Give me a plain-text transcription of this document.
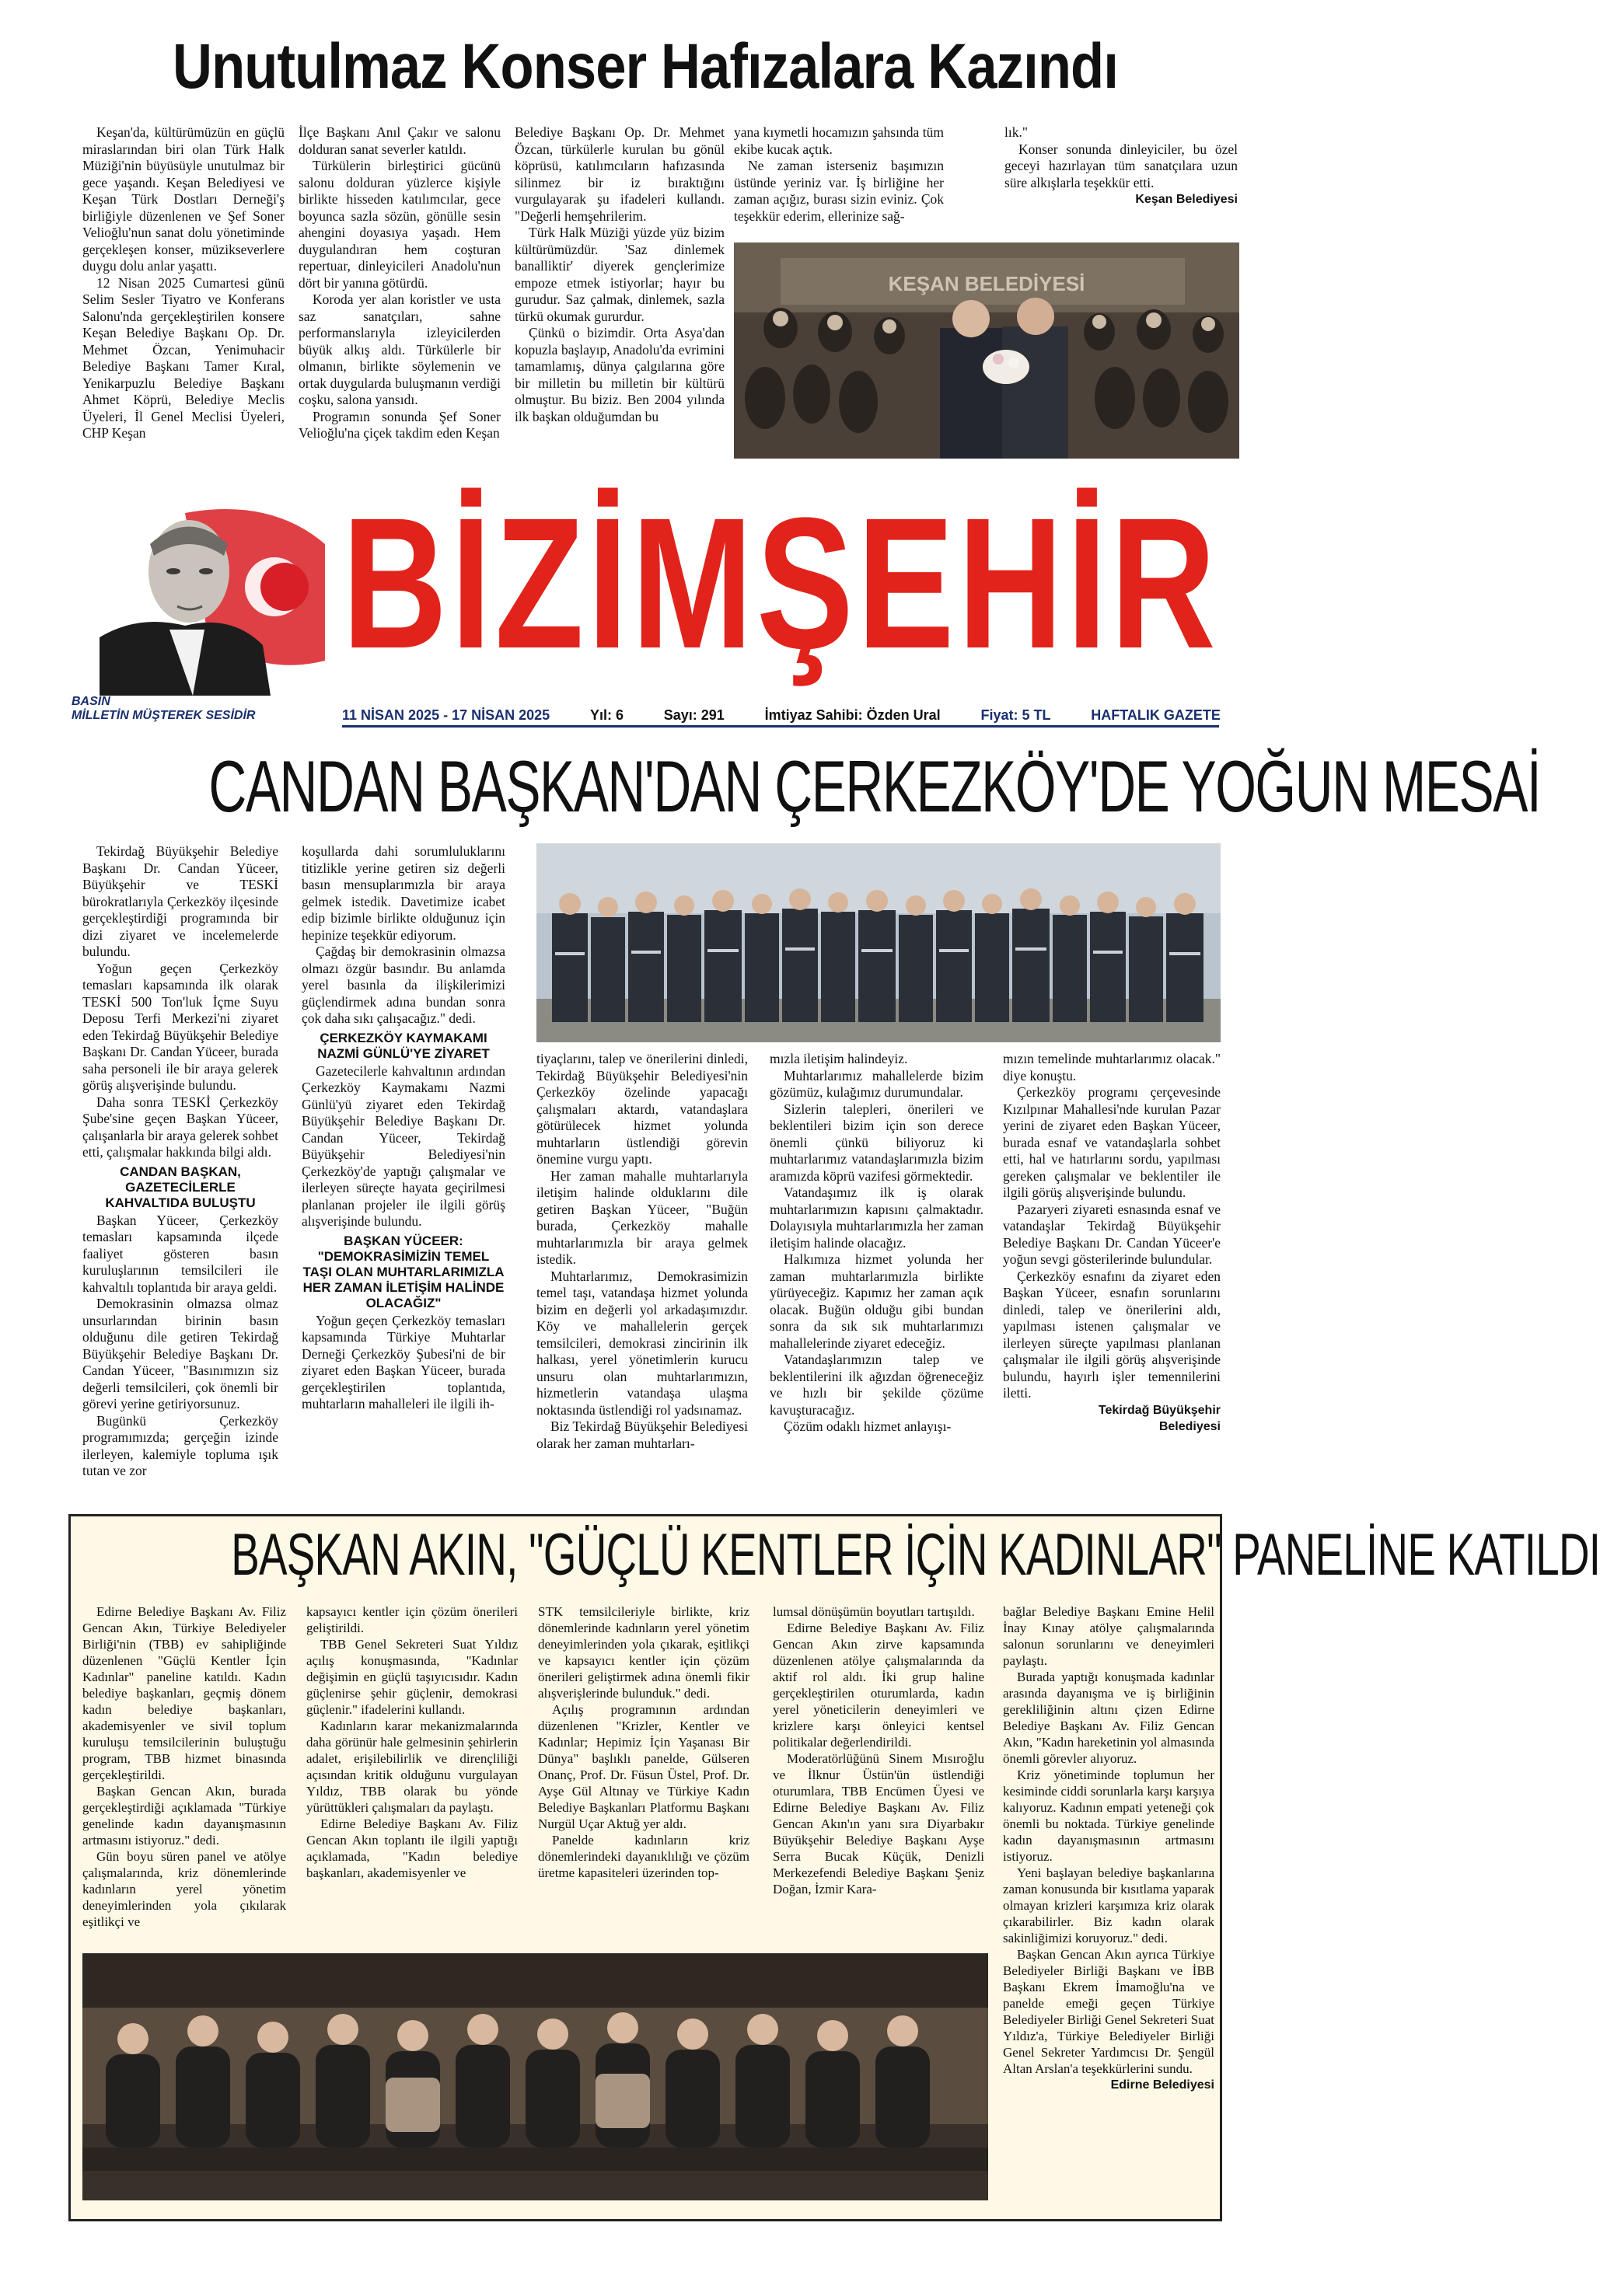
Unutulmaz Konser Hafızalara Kazındı

Keşan'da, kültürümüzün en güçlü miraslarından biri olan Türk Halk Müziği'nin büyüsüyle unutulmaz bir gece yaşandı. Keşan Belediyesi ve Keşan Türk Dostları Derneği'ş birliğiyle düzenlenen ve Şef Soner Velioğlu'nun sanat dolu yönetiminde gerçekleşen konser, müzikseverlere duygu dolu anlar yaşattı.

12 Nisan 2025 Cumartesi günü Selim Sesler Tiyatro ve Konferans Salonu'nda gerçekleştirilen konsere Keşan Belediye Başkanı Op. Dr. Mehmet Özcan, Yenimuhacir Belediye Başkanı Tamer Kıral, Yenikarpuzlu Belediye Başkanı Ahmet Köprü, Belediye Meclis Üyeleri, İl Genel Meclisi Üyeleri, CHP Keşan

İlçe Başkanı Anıl Çakır ve salonu dolduran sanat severler katıldı.

Türkülerin birleştirici gücünü salonu dolduran yüzlerce kişiyle birlikte hisseden katılımcılar, gece boyunca sazla sözün, gönülle sesin ahengini doyasıya yaşadı. Hem duygulandıran hem coşturan repertuar, dinleyicileri Anadolu'nun dört bir yanına götürdü.

Koroda yer alan koristler ve usta saz sanatçıları, sahne performanslarıyla izleyicilerden büyük alkış aldı. Türkülerle bir olmanın, birlikte söylemenin ve ortak duygularda buluşmanın verdiği coşku, salona yansıdı.

Programın sonunda Şef Soner Velioğlu'na çiçek takdim eden Keşan

Belediye Başkanı Op. Dr. Mehmet Özcan, türkülerle kurulan bu gönül köprüsü, katılımcıların hafızasında silinmez bir iz bıraktığını vurgulayarak şu ifadeleri kullandı. "Değerli hemşehrilerim.

Türk Halk Müziği yüzde yüz bizim kültürümüzdür. 'Saz dinlemek banalliktir' diyerek gençlerimize empoze etmek istiyorlar; hayır bu gurudur. Saz çalmak, dinlemek, sazla türkü okumak gururdur.

Çünkü o bizimdir. Orta Asya'dan kopuzla başlayıp, Anadolu'da evrimini tamamlamış, dünya çalgılarına göre bir milletin bu milletin bir kültürü olmuştur. Bu biziz. Ben 2004 yılında ilk başkan olduğumdan bu

yana kıymetli hocamızın şahsında tüm ekibe kucak açtık.

Ne zaman isterseniz başımızın üstünde yeriniz var. İş birliğine her zaman açığız, burası sizin eviniz. Çok teşekkür ederim, ellerinize sağ-

lık."

Konser sonunda dinleyiciler, bu özel geceyi hazırlayan tüm sanatçılara uzun süre alkışlarla teşekkür etti.

Keşan Belediyesi

KEŞAN BELEDİYESİ
BİZİMŞEHİR
BASIN
MİLLETİN MÜŞTEREK SESİDİR	11 NİSAN 2025 - 17 NİSAN 2025	Yıl: 6	Sayı: 291	İmtiyaz Sahibi: Özden Ural	Fiyat: 5 TL	HAFTALIK GAZETE
CANDAN BAŞKAN'DAN ÇERKEZKÖY'DE YOĞUN MESAİ

Tekirdağ Büyükşehir Belediye Başkanı Dr. Candan Yüceer, Büyükşehir ve TESKİ bürokratlarıyla Çerkezköy ilçesinde gerçekleştirdiği programında bir dizi ziyaret ve incelemelerde bulundu.

Yoğun geçen Çerkezköy temasları kapsamında ilk olarak TESKİ 500 Ton'luk İçme Suyu Deposu Terfi Merkezi'ni ziyaret eden Tekirdağ Büyükşehir Belediye Başkanı Dr. Candan Yüceer, burada saha personeli ile bir araya gelerek görüş alışverişinde bulundu.

Daha sonra TESKİ Çerkezköy Şube'sine geçen Başkan Yüceer, çalışanlarla bir araya gelerek sohbet etti, çalışmalar hakkında bilgi aldı.

CANDAN BAŞKAN, GAZETECİLERLE KAHVALTIDA BULUŞTU

Başkan Yüceer, Çerkezköy temasları kapsamında ilçede faaliyet gösteren basın kuruluşlarının temsilcileri ile kahvaltılı toplantıda bir araya geldi.

Demokrasinin olmazsa olmaz unsurlarından birinin basın olduğunu dile getiren Tekirdağ Büyükşehir Belediye Başkanı Dr. Candan Yüceer, "Basınımızın siz değerli temsilcileri, çok önemli bir görevi yerine getiriyorsunuz.

Bugünkü Çerkezköy programımızda; gerçeğin izinde ilerleyen, kalemiyle topluma ışık tutan ve zor

koşullarda dahi sorumluluklarını titizlikle yerine getiren siz değerli basın mensuplarımızla bir araya gelmek istedik. Davetimize icabet edip bizimle birlikte olduğunuz için hepinize teşekkür ediyorum.

Çağdaş bir demokrasinin olmazsa olmazı özgür basındır. Bu anlamda yerel basınla da ilişkilerimizi güçlendirmek adına bundan sonra çok daha sıkı çalışacağız." dedi.

ÇERKEZKÖY KAYMAKAMI NAZMİ GÜNLÜ'YE ZİYARET

Gazetecilerle kahvaltının ardından Çerkezköy Kaymakamı Nazmi Günlü'yü ziyaret eden Tekirdağ Büyükşehir Belediye Başkanı Dr. Candan Yüceer, Tekirdağ Büyükşehir Belediyesi'nin Çerkezköy'de yaptığı çalışmalar ve ilerleyen süreçte hayata geçirilmesi planlanan projeler ile ilgili görüş alışverişinde bulundu.

BAŞKAN YÜCEER: "DEMOKRASİMİZİN TEMEL TAŞI OLAN MUHTARLARIMIZLA HER ZAMAN İLETİŞİM HALİNDE OLACAĞIZ"

Yoğun geçen Çerkezköy temasları kapsamında Türkiye Muhtarlar Derneği Çerkezköy Şubesi'ni de bir ziyaret eden Başkan Yüceer, burada gerçekleştirilen toplantıda, muhtarların mahalleleri ile ilgili ih-

tiyaçlarını, talep ve önerilerini dinledi, Tekirdağ Büyükşehir Belediyesi'nin Çerkezköy özelinde yapacağı çalışmaları aktardı, vatandaşlara götürülecek hizmet yolunda muhtarların üstlendiği görevin önemine vurgu yaptı.

Her zaman mahalle muhtarlarıyla iletişim halinde olduklarını dile getiren Başkan Yüceer, "Buğün burada, Çerkezköy mahalle muhtarlarımızla bir araya gelmek istedik.

Muhtarlarımız, Demokrasimizin temel taşı, vatandaşa hizmet yolunda bizim en değerli yol arkadaşımızdır. Köy ve mahallelerin gerçek temsilcileri, demokrasi zincirinin ilk halkası, yerel yönetimlerin kurucu unsuru olan muhtarlarımızın, hizmetlerin vatandaşa ulaşma noktasında üstlendiği rol yadsınamaz.

Biz Tekirdağ Büyükşehir Belediyesi olarak her zaman muhtarları-

mızla iletişim halindeyiz.

Muhtarlarımız mahallelerde bizim gözümüz, kulağımız durumundalar.

Sizlerin talepleri, önerileri ve beklentileri bizim için son derece önemli çünkü biliyoruz ki muhtarlarımız vatandaşlarımızla bizim aramızda köprü vazifesi görmektedir.

Vatandaşımız ilk iş olarak muhtarlarımızın kapısını çalmaktadır. Dolayısıyla muhtarlarımızla her zaman iletişim halinde olacağız.

Halkımıza hizmet yolunda her zaman muhtarlarımızla birlikte yürüyeceğiz. Kapımız her zaman açık olacak. Buğün olduğu gibi bundan sonra da sık sık muhtarlarımızı mahallelerinde ziyaret edeceğiz.

Vatandaşlarımızın talep ve beklentilerini ilk ağızdan öğreneceğiz ve hızlı bir şekilde çözüme kavuşturacağız.

Çözüm odaklı hizmet anlayışı-

mızın temelinde muhtarlarımız olacak." diye konuştu.

Çerkezköy programı çerçevesinde Kızılpınar Mahallesi'nde kurulan Pazar yerini de ziyaret eden Başkan Yüceer, burada esnaf ve vatandaşlarla sohbet etti, hal ve hatırlarını sordu, yapılması gereken çalışmalar ve beklentiler ile ilgili görüş alışverişinde bulundu.

Pazaryeri ziyareti esnasında esnaf ve vatandaşlar Tekirdağ Büyükşehir Belediye Başkanı Dr. Candan Yüceer'e yoğun sevgi gösterilerinde bulundular.

Çerkezköy esnafını da ziyaret eden Başkan Yüceer, esnafın sorunlarını dinledi, talep ve önerilerini aldı, yapılması istenen çalışmalar ve ilerleyen süreçte yapılması planlanan çalışmalar ile ilgili görüş alışverişinde bulundu, hayırlı işler temennilerini iletti.

Tekirdağ Büyükşehir

Belediyesi

BAŞKAN AKIN, "GÜÇLÜ KENTLER İÇİN KADINLAR" PANELİNE KATILDI

Edirne Belediye Başkanı Av. Filiz Gencan Akın, Türkiye Belediyeler Birliği'nin (TBB) ev sahipliğinde düzenlenen "Güçlü Kentler İçin Kadınlar" paneline katıldı. Kadın belediye başkanları, geçmiş dönem kadın belediye başkanları, akademisyenler ve sivil toplum kuruluşu temsilcilerinin buluştuğu program, TBB hizmet binasında gerçekleştirildi.

Başkan Gencan Akın, burada gerçekleştirdiği açıklamada "Türkiye genelinde kadın dayanışmasının artmasını istiyoruz." dedi.

Gün boyu süren panel ve atölye çalışmalarında, kriz dönemlerinde kadınların yerel yönetim deneyimlerinden yola çıkılarak eşitlikçi ve

kapsayıcı kentler için çözüm önerileri geliştirildi.

TBB Genel Sekreteri Suat Yıldız açılış konuşmasında, "Kadınlar değişimin en güçlü taşıyıcısıdır. Kadın güçlenirse şehir güçlenir, demokrasi güçlenir." ifadelerini kullandı.

Kadınların karar mekanizmalarında daha görünür hale gelmesinin şehirlerin adalet, erişilebilirlik ve dirençliliği açısından kritik olduğunu vurgulayan Yıldız, TBB olarak bu yönde yürüttükleri çalışmaları da paylaştı.

Edirne Belediye Başkanı Av. Filiz Gencan Akın toplantı ile ilgili yaptığı açıklamada, "Kadın belediye başkanları, akademisyenler ve

STK temsilcileriyle birlikte, kriz dönemlerinde kadınların yerel yönetim deneyimlerinden yola çıkarak, eşitlikçi ve kapsayıcı kentler için çözüm önerileri geliştirmek adına önemli fikir alışverişlerinde bulunduk." dedi.

Açılış programının ardından düzenlenen "Krizler, Kentler ve Kadınlar; Hepimiz İçin Yaşanası Bir Dünya" başlıklı panelde, Gülseren Onanç, Prof. Dr. Füsun Üstel, Prof. Dr. Ayşe Gül Altınay ve Türkiye Kadın Belediye Başkanları Platformu Başkanı Nurgül Uçar Aktuğ yer aldı.

Panelde kadınların kriz dönemlerindeki dayanıklılığı ve çözüm üretme kapasiteleri üzerinden top-

lumsal dönüşümün boyutları tartışıldı.

Edirne Belediye Başkanı Av. Filiz Gencan Akın zirve kapsamında düzenlenen atölye çalışmalarında da aktif rol aldı. İki grup haline gerçekleştirilen oturumlarda, kadın yerel yöneticilerin deneyimleri ve krizlere karşı önleyici kentsel politikalar değerlendirildi.

Moderatörlüğünü Sinem Mısıroğlu ve İlknur Üstün'ün üstlendiği oturumlara, TBB Encümen Üyesi ve Edirne Belediye Başkanı Av. Filiz Gencan Akın'ın yanı sıra Diyarbakır Büyükşehir Belediye Başkanı Ayşe Serra Bucak Küçük, Denizli Merkezefendi Belediye Başkanı Şeniz Doğan, İzmir Kara-

bağlar Belediye Başkanı Emine Helil İnay Kınay atölye çalışmalarında salonun sorunlarını ve deneyimleri paylaştı.

Burada yaptığı konuşmada kadınlar arasında dayanışma ve iş birliğinin gerekliliğinin altını çizen Edirne Belediye Başkanı Av. Filiz Gencan Akın, "Kadın hareketinin yol almasında önemli görevler alıyoruz.

Kriz yönetiminde toplumun her kesiminde ciddi sorunlarla karşı karşıya kalıyoruz. Kadının empati yeteneği çok önemli bu noktada. Türkiye genelinde kadın dayanışmasının artmasını istiyoruz.

Yeni başlayan belediye başkanlarına zaman konusunda bir kısıtlama yaparak olmayan krizleri karşımıza kriz olarak çıkarabilirler. Biz kadın olarak sakinliğimizi koruyoruz." dedi.

Başkan Gencan Akın ayrıca Türkiye Belediyeler Birliği Başkanı ve İBB Başkanı Ekrem İmamoğlu'na ve panelde emeği geçen Türkiye Belediyeler Birliği Genel Sekreteri Suat Yıldız'a, Türkiye Belediyeler Birliği Genel Sekreter Yardımcısı Dr. Şengül Altan Arslan'a teşekkürlerini sundu.

Edirne Belediyesi
